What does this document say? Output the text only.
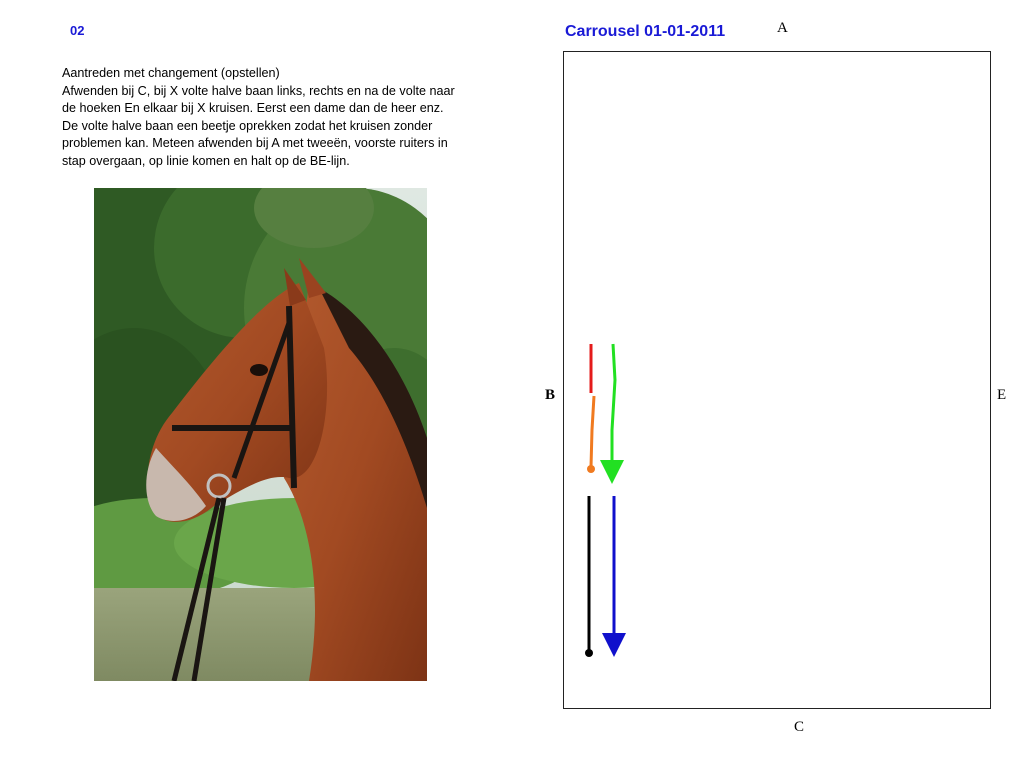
02	Carrousel 01-01-2011
Aantreden met changement (opstellen)
Afwenden bij C, bij X volte halve baan links, rechts en na de volte naar
de hoeken En elkaar bij X kruisen. Eerst een dame dan de heer enz.
De volte halve baan een beetje oprekken zodat het kruisen zonder
problemen kan. Meteen afwenden bij A met tweeën, voorste ruiters in
stap overgaan, op linie komen en halt op de BE-lijn.
A
B	E
C
